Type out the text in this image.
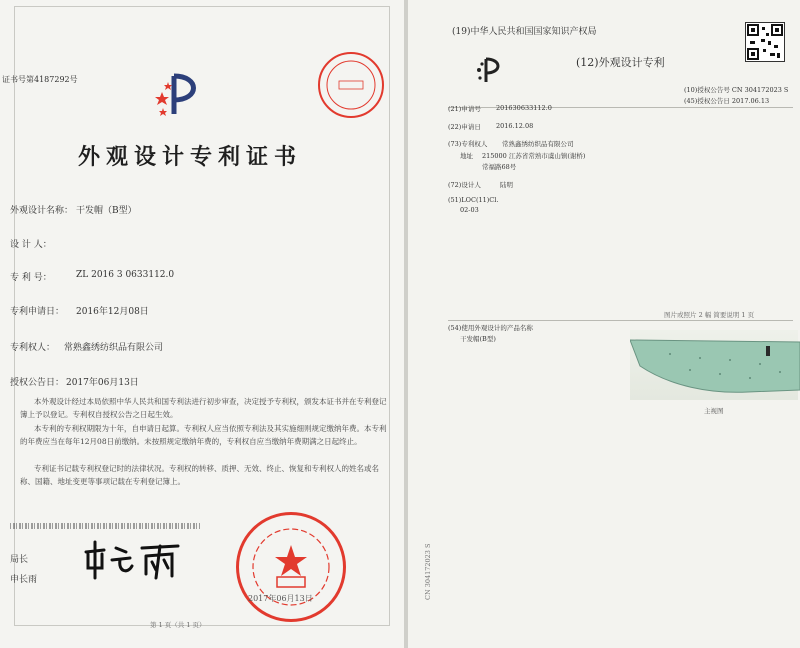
证书号第4187292号
外观设计专利证书
外观设计名称： 干发帽（B型）
设 计 人：
专 利 号：	ZL 2016 3 0633112.0
专利申请日： 2016年12月08日
专利权人： 常熟鑫绣纺织品有限公司
授权公告日： 2017年06月13日
本外观设计经过本局依照中华人民共和国专利法进行初步审查，决定授予专利权，颁发本证书并在专利登记簿上予以登记。专利权自授权公告之日起生效。
本专利的专利权期限为十年，自申请日起算。专利权人应当依照专利法及其实施细则规定缴纳年费。本专利的年费应当在每年12月08日前缴纳。未按照规定缴纳年费的，专利权自应当缴纳年费期满之日起终止。
专利证书记载专利权登记时的法律状况。专利权的转移、质押、无效、终止、恢复和专利权人的姓名或名称、国籍、地址变更等事项记载在专利登记簿上。
局长
申长雨
2017年06月13日
第 1 页（共 1 页）
(19)中华人民共和国国家知识产权局
(12)外观设计专利
(10)授权公告号 CN 304172023 S
(45)授权公告日 2017.06.13
(21)申请号 201630633112.0
(22)申请日 2016.12.08
(73)专利权人 常熟鑫绣纺织品有限公司
地址 215000 江苏省常熟市虞山镇(谢桥)
常福路68号
(72)设计人	陆明
(51)LOC(11)Cl.
02-03
图片或照片 2 幅 简要说明 1 页
(54)使用外观设计的产品名称
干发帽(B型)
主视图
CN 304172023 S
